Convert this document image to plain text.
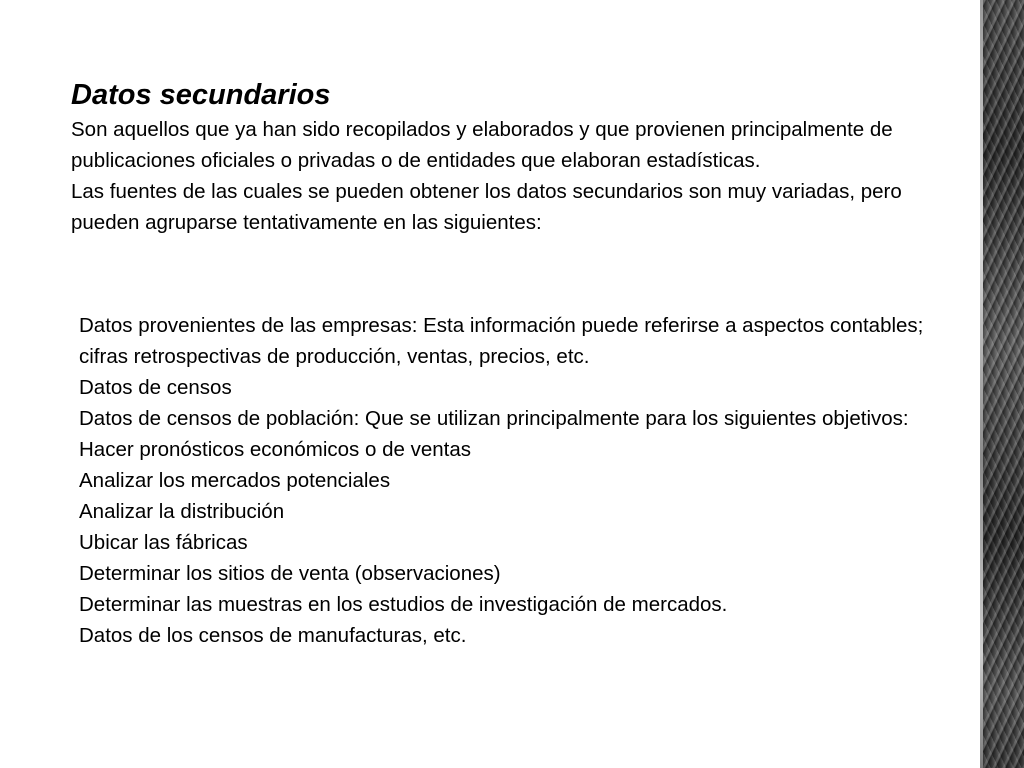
Datos secundarios

Son aquellos que ya han sido recopilados y elaborados y que provienen principalmente de publicaciones oficiales o privadas o de entidades que elaboran estadísticas.

Las fuentes de las cuales se pueden obtener los datos secundarios son muy variadas, pero pueden agruparse tentativamente en las siguientes:

Datos provenientes de las empresas: Esta información puede referirse a aspectos contables; cifras retrospectivas de producción, ventas, precios, etc.

Datos de censos

Datos de censos de población: Que se utilizan principalmente para los siguientes objetivos:

Hacer pronósticos económicos o de ventas

Analizar los mercados potenciales

Analizar la distribución

Ubicar las fábricas

Determinar los sitios de venta (observaciones)

Determinar las muestras en los estudios de investigación de mercados.

Datos de los censos de manufacturas, etc.
